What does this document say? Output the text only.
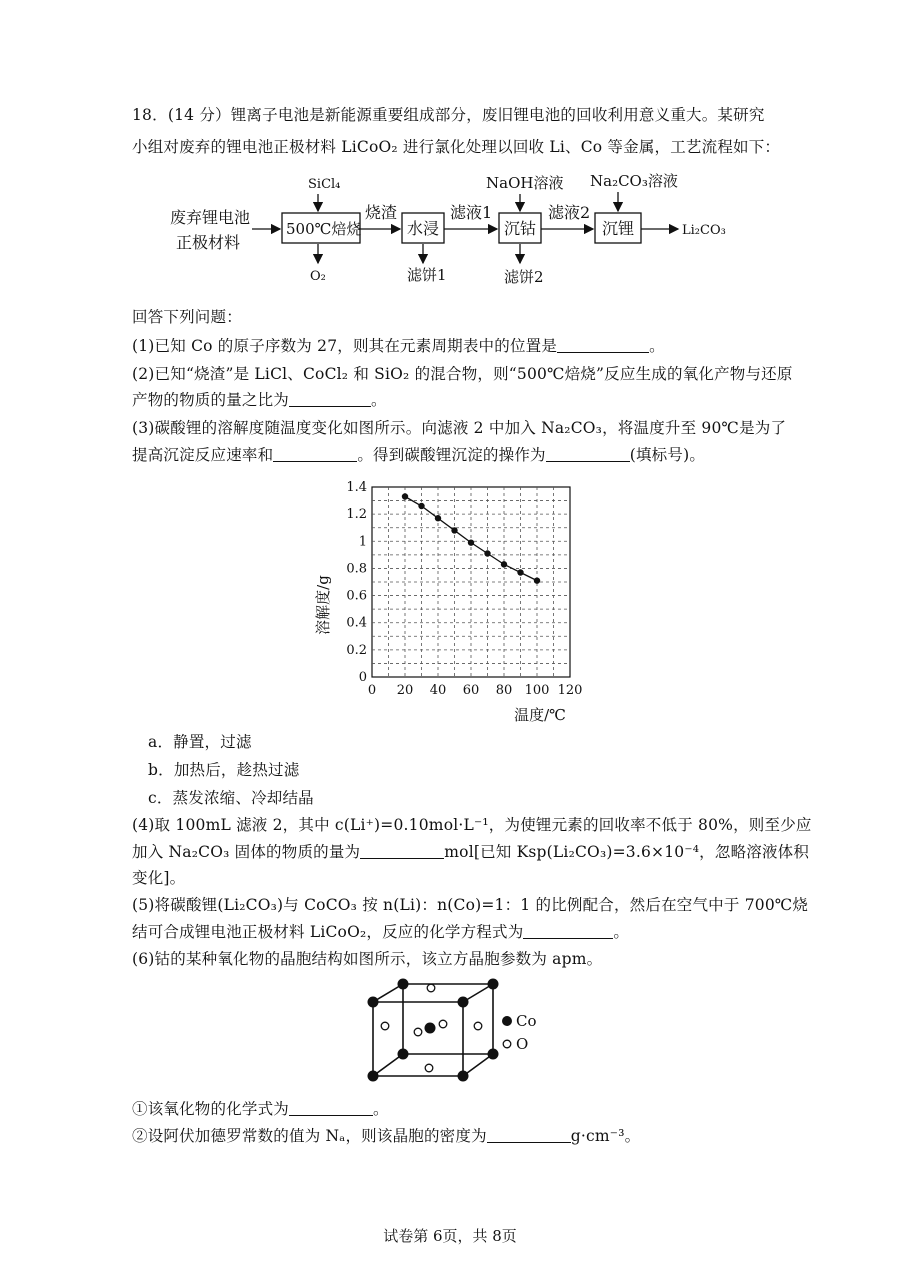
18．(14 分）锂离子电池是新能源重要组成部分，废旧锂电池的回收利用意义重大。某研究
小组对废弃的锂电池正极材料 LiCoO₂ 进行氯化处理以回收 Li、Co 等金属，工艺流程如下：
废弃锂电池
正极材料
500℃焙烧
SiCl₄
O₂
烧渣
水浸
滤饼1
滤液1
沉钴
NaOH溶液
滤饼2
滤液2
沉锂
Na₂CO₃溶液
Li₂CO₃
回答下列问题：
(1)已知 Co 的原子序数为 27，则其在元素周期表中的位置是	。
(2)已知“烧渣”是 LiCl、CoCl₂ 和 SiO₂ 的混合物，则“500℃焙烧”反应生成的氧化产物与还原
产物的物质的量之比为	。
(3)碳酸锂的溶解度随温度变化如图所示。向滤液 2 中加入 Na₂CO₃，将温度升至 90℃是为了
提高沉淀反应速率和	。得到碳酸锂沉淀的操作为	(填标号)。
0 20 40 60 80 100 120
0
0.2
0.4
0.6
0.8
1
1.2
1.4
溶解度/g
温度/℃
a．静置，过滤
b．加热后，趁热过滤
c．蒸发浓缩、冷却结晶
(4)取 100mL 滤液 2，其中 c(Li⁺)=0.10mol·L⁻¹，为使锂元素的回收率不低于 80%，则至少应
加入 Na₂CO₃ 固体的物质的量为	mol[已知 Ksp(Li₂CO₃)=3.6×10⁻⁴，忽略溶液体积
变化]。
(5)将碳酸锂(Li₂CO₃)与 CoCO₃ 按 n(Li)：n(Co)=1：1 的比例配合，然后在空气中于 700℃烧
结可合成锂电池正极材料 LiCoO₂，反应的化学方程式为	。
(6)钴的某种氧化物的晶胞结构如图所示，该立方晶胞参数为 apm。
Co
O
①该氧化物的化学式为	。
②设阿伏加德罗常数的值为 Nₐ，则该晶胞的密度为	g·cm⁻³。
试卷第 6页，共 8页
